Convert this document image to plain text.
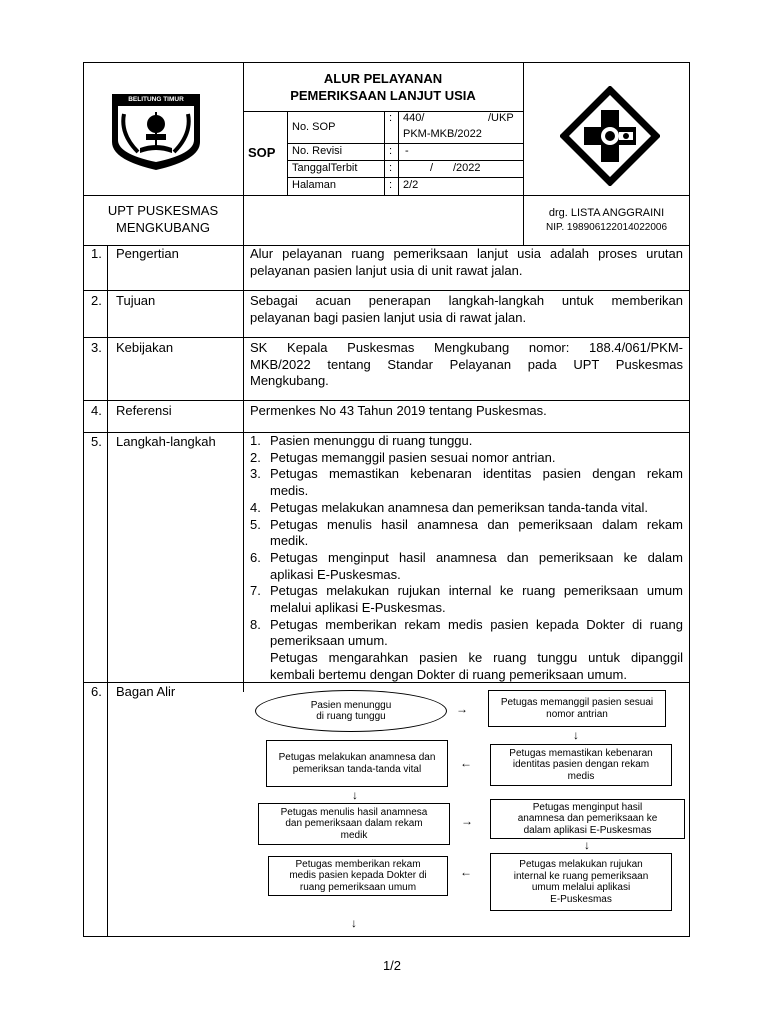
BELITUNG TIMUR
ALUR PELAYANAN
PEMERIKSAAN LANJUT USIA
SOP
No. SOP
: 440/	/UKP
PKM-MKB/2022
No. Revisi	: -
TanggalTerbit	:	/ /2022
Halaman	: 2/2
UPT PUSKESMAS
MENGKUBANG
drg. LISTA ANGGRAINI
NIP. 198906122014022006
1. Pengertian	Alur pelayanan ruang pemeriksaan lanjut usia adalah proses urutan
pelayanan pasien lanjut usia di unit rawat jalan.
2. Tujuan	Sebagai acuan penerapan langkah-langkah untuk memberikan
pelayanan bagi pasien lanjut usia di rawat jalan.
3. Kebijakan	SK Kepala Puskesmas Mengkubang nomor: 188.4/061/PKM-
MKB/2022 tentang Standar Pelayanan pada UPT Puskesmas
Mengkubang.
4. Referensi	Permenkes No 43 Tahun 2019 tentang Puskesmas.
5. Langkah-langkah	1. Pasien menunggu di ruang tunggu.
2. Petugas memanggil pasien sesuai nomor antrian.
3. Petugas memastikan kebenaran identitas pasien dengan rekam
medis.
4. Petugas melakukan anamnesa dan pemeriksan tanda-tanda vital.
5. Petugas menulis hasil anamnesa dan pemeriksaan dalam rekam
medik.
6. Petugas menginput hasil anamnesa dan pemeriksaan ke dalam
aplikasi E-Puskesmas.
7. Petugas melakukan rujukan internal ke ruang pemeriksaan umum
melalui aplikasi E-Puskesmas.
8. Petugas memberikan rekam medis pasien kepada Dokter di ruang
pemeriksaan umum.
Petugas mengarahkan pasien ke ruang tunggu untuk dipanggil
kembali bertemu dengan Dokter di ruang pemeriksaan umum.
6. Bagan Alir
Pasien menunggu
di ruang tunggu
→	Petugas memanggil pasien sesuai
nomor antrian
↓
Petugas melakukan anamnesa dan
pemeriksan tanda-tanda vital	←
Petugas memastikan kebenaran
identitas pasien dengan rekam
medis
↓
Petugas menulis hasil anamnesa
dan pemeriksaan dalam rekam
medik
→
Petugas menginput hasil
anamnesa dan pemeriksaan ke
dalam aplikasi E-Puskesmas
↓
Petugas memberikan rekam
medis pasien kepada Dokter di
ruang pemeriksaan umum
←
Petugas melakukan rujukan
internal ke ruang pemeriksaan
umum melalui aplikasi
E-Puskesmas
↓
1/2
